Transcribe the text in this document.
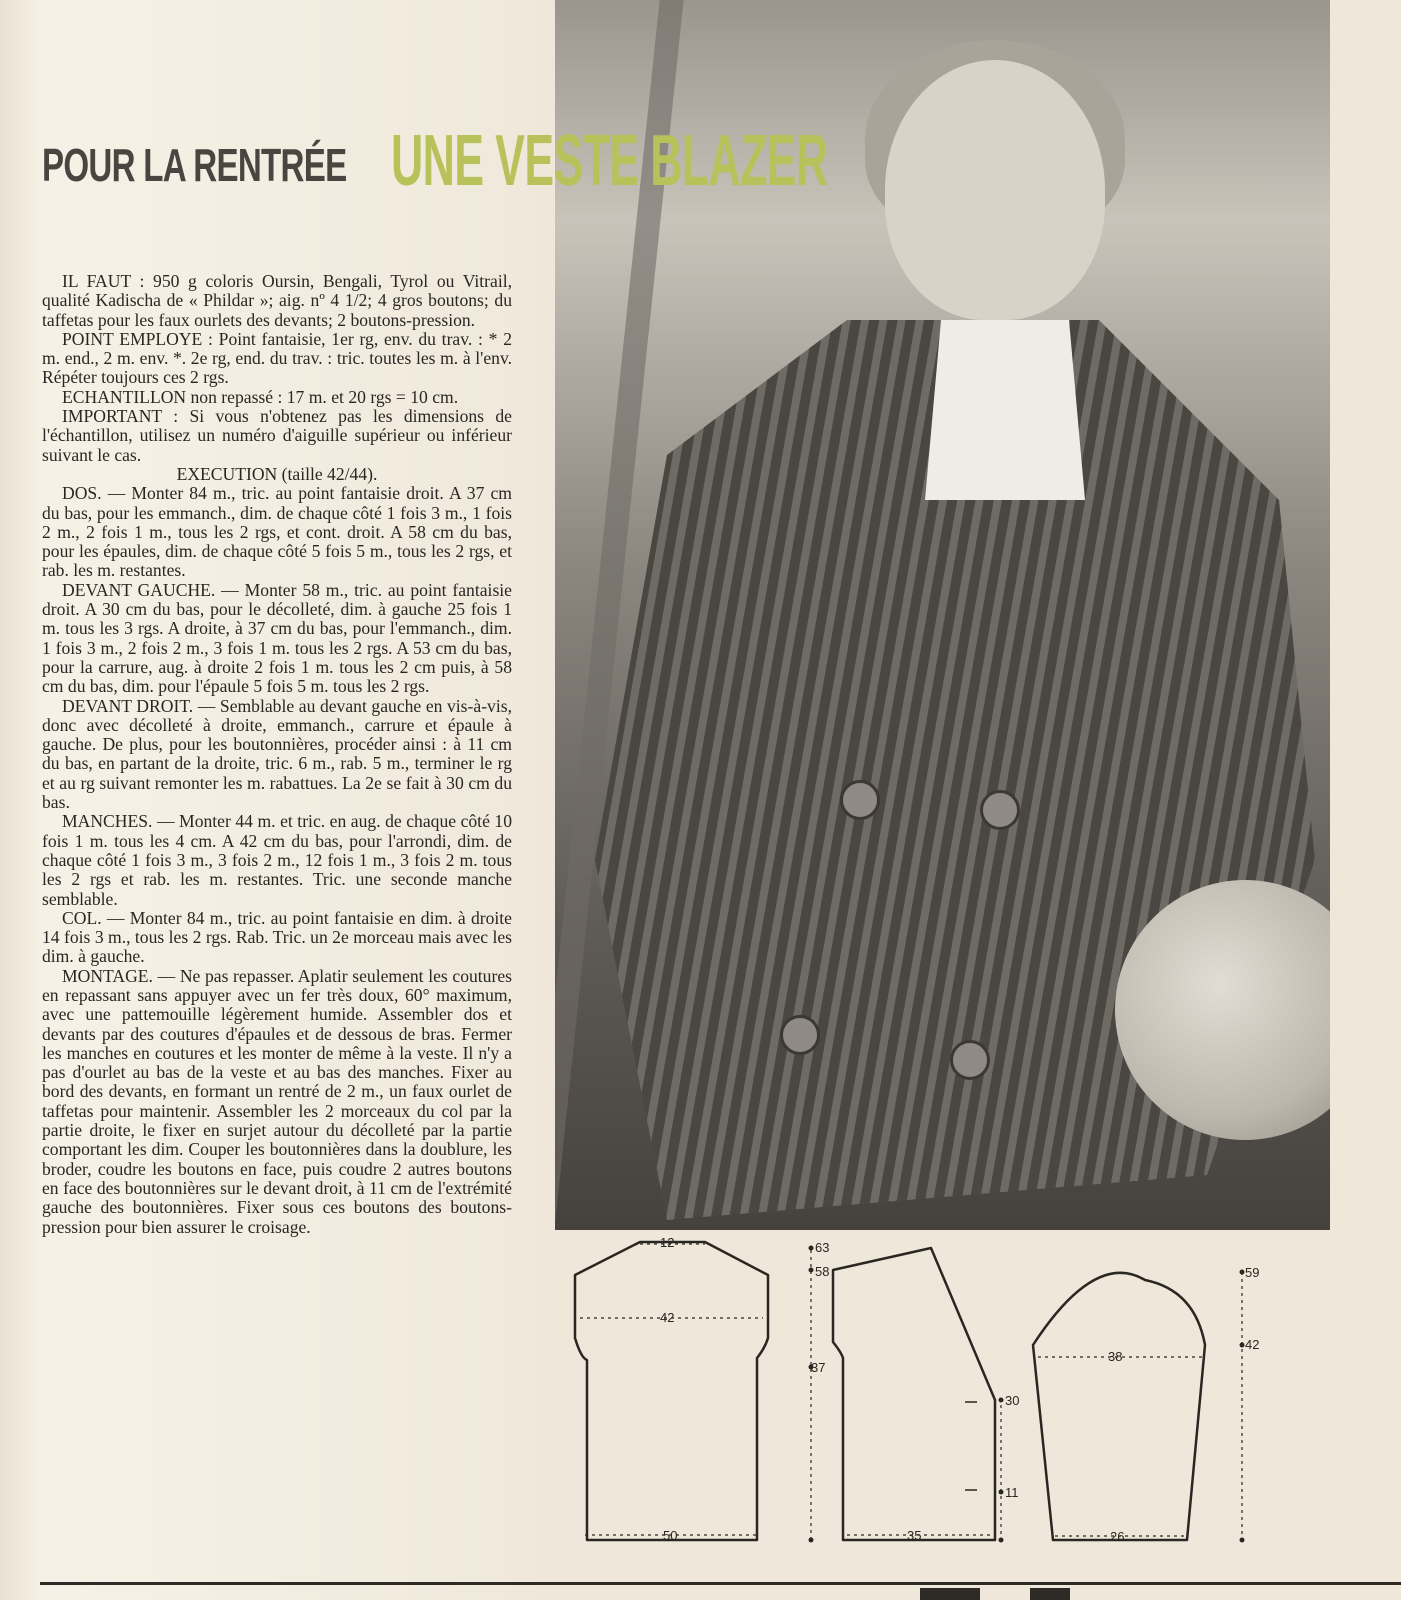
POUR LA RENTRÉE UNE VESTE BLAZER

IL FAUT : 950 g coloris Oursin, Bengali, Tyrol ou Vitrail, qualité Kadischa de « Phildar »; aig. nº 4 1/2; 4 gros boutons; du taffetas pour les faux ourlets des devants; 2 boutons-pression.

POINT EMPLOYE : Point fantaisie, 1er rg, env. du trav. : * 2 m. end., 2 m. env. *. 2e rg, end. du trav. : tric. toutes les m. à l'env. Répéter toujours ces 2 rgs.

ECHANTILLON non repassé : 17 m. et 20 rgs = 10 cm.

IMPORTANT : Si vous n'obtenez pas les dimensions de l'échantillon, utilisez un numéro d'aiguille supérieur ou inférieur suivant le cas.

EXECUTION (taille 42/44).

DOS. — Monter 84 m., tric. au point fantaisie droit. A 37 cm du bas, pour les emmanch., dim. de chaque côté 1 fois 3 m., 1 fois 2 m., 2 fois 1 m., tous les 2 rgs, et cont. droit. A 58 cm du bas, pour les épaules, dim. de chaque côté 5 fois 5 m., tous les 2 rgs, et rab. les m. restantes.

DEVANT GAUCHE. — Monter 58 m., tric. au point fantaisie droit. A 30 cm du bas, pour le décolleté, dim. à gauche 25 fois 1 m. tous les 3 rgs. A droite, à 37 cm du bas, pour l'emmanch., dim. 1 fois 3 m., 2 fois 2 m., 3 fois 1 m. tous les 2 rgs. A 53 cm du bas, pour la carrure, aug. à droite 2 fois 1 m. tous les 2 cm puis, à 58 cm du bas, dim. pour l'épaule 5 fois 5 m. tous les 2 rgs.

DEVANT DROIT. — Semblable au devant gauche en vis-à-vis, donc avec décolleté à droite, emmanch., carrure et épaule à gauche. De plus, pour les boutonnières, procéder ainsi : à 11 cm du bas, en partant de la droite, tric. 6 m., rab. 5 m., terminer le rg et au rg suivant remonter les m. rabattues. La 2e se fait à 30 cm du bas.

MANCHES. — Monter 44 m. et tric. en aug. de chaque côté 10 fois 1 m. tous les 4 cm. A 42 cm du bas, pour l'arrondi, dim. de chaque côté 1 fois 3 m., 3 fois 2 m., 12 fois 1 m., 3 fois 2 m. tous les 2 rgs et rab. les m. restantes. Tric. une seconde manche semblable.

COL. — Monter 84 m., tric. au point fantaisie en dim. à droite 14 fois 3 m., tous les 2 rgs. Rab. Tric. un 2e morceau mais avec les dim. à gauche.

MONTAGE. — Ne pas repasser. Aplatir seulement les coutures en repassant sans appuyer avec un fer très doux, 60° maximum, avec une pattemouille légèrement humide. Assembler dos et devants par des coutures d'épaules et de dessous de bras. Fermer les manches en coutures et les monter de même à la veste. Il n'y a pas d'ourlet au bas de la veste et au bas des manches. Fixer au bord des devants, en formant un rentré de 2 m., un faux ourlet de taffetas pour maintenir. Assembler les 2 morceaux du col par la partie droite, le fixer en surjet autour du décolleté par la partie comportant les dim. Couper les boutonnières dans la doublure, les broder, coudre les boutons en face, puis coudre 2 autres boutons en face des boutonnières sur le devant droit, à 11 cm de l'extrémité gauche des boutonnières. Fixer sous ces boutons des boutons-pression pour bien assurer le croisage.

12
42
50	35
38
26
63
58
37
30
11
59
42
